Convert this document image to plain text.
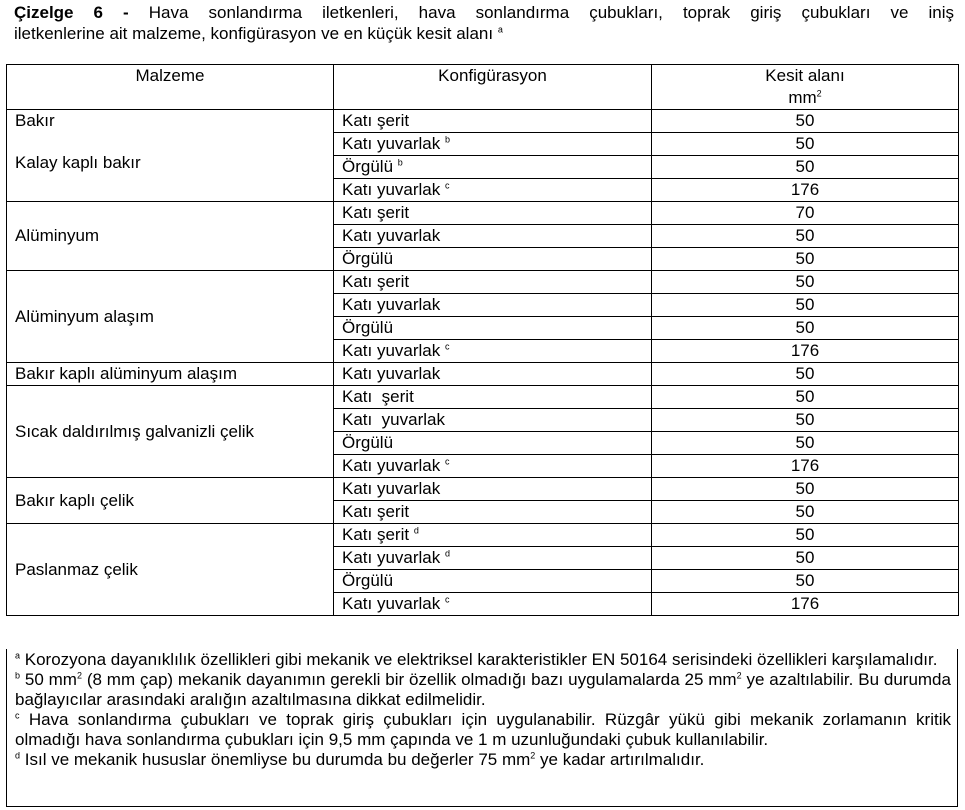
Çizelge 6 - Hava sonlandırma iletkenleri, hava sonlandırma çubukları, toprak giriş çubukları ve iniş
iletkenlerine ait malzeme, konfigürasyon ve en küçük kesit alanı $^a$
Malzeme	Konfigürasyon	Kesit alanı
$mm^2$

Bakır
Kalay kaplı bakır	Katı şerit	50
	Katı yuvarlak $^b$	50
	Örgülü $^b$	50
	Katı yuvarlak $^c$	176
Alüminyum	Katı şerit	70
	Katı yuvarlak	50
	Örgülü	50
Alüminyum alaşım	Katı şerit	50
	Katı yuvarlak	50
	Örgülü	50
	Katı yuvarlak $^c$	176
Bakır kaplı alüminyum alaşım	Katı yuvarlak	50
Sıcak daldırılmış galvanizli çelik	Katı  şerit	50
	Katı  yuvarlak	50
	Örgülü	50
	Katı yuvarlak $^c$	176
Bakır kaplı çelik	Katı yuvarlak	50
	Katı şerit	50
Paslanmaz çelik	Katı şerit $^d$	50
	Katı yuvarlak $^d$	50
	Örgülü	50
	Katı yuvarlak $^c$	176
$^a$ Korozyona dayanıklılık özellikleri gibi mekanik ve elektriksel karakteristikler EN 50164 serisindeki özellikleri karşılamalıdır.
$^b$ 50 $mm^2$ (8 mm çap) mekanik dayanımın gerekli bir özellik olmadığı bazı uygulamalarda 25 $mm^2$ ye azaltılabilir. Bu durumda bağlayıcılar arasındaki aralığın azaltılmasına dikkat edilmelidir.
$^c$ Hava sonlandırma çubukları ve toprak giriş çubukları için uygulanabilir. Rüzgâr yükü gibi mekanik zorlamanın kritik olmadığı hava sonlandırma çubukları için 9,5 mm çapında ve 1 m uzunluğundaki çubuk kullanılabilir.
$^d$ Isıl ve mekanik hususlar önemliyse bu durumda bu değerler 75 $mm^2$ ye kadar artırılmalıdır.
